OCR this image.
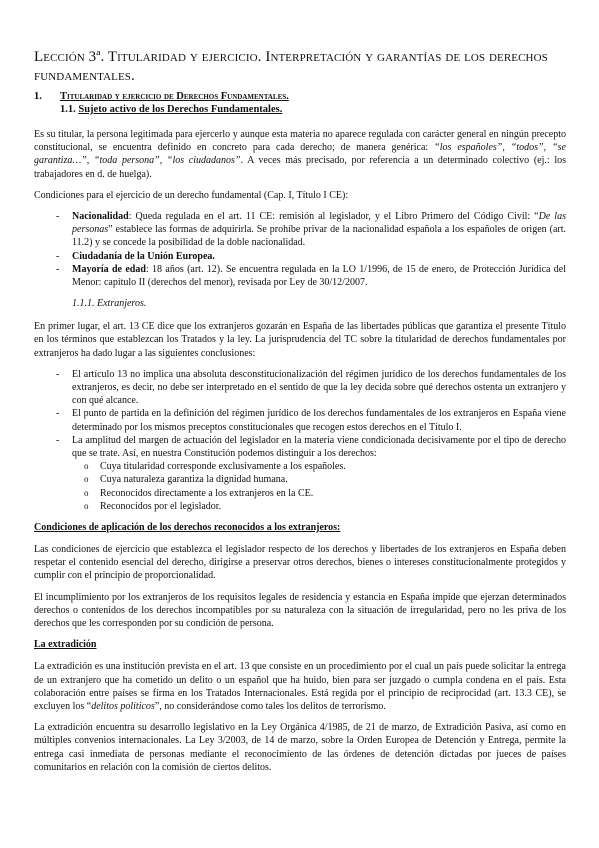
Lección 3ª. Titularidad y ejercicio. Interpretación y garantías de los derechos fundamentales.
1. Titularidad y ejercicio de Derechos Fundamentales.
1.1. Sujeto activo de los Derechos Fundamentales.

Es su titular, la persona legitimada para ejercerlo y aunque esta materia no aparece regulada con carácter general en ningún precepto constitucional, se encuentra definido en concreto para cada derecho; de manera genérica: “los españoles”, “todos”, “se garantiza…”, “toda persona”, “los ciudadanos”. A veces más precisado, por referencia a un determinado colectivo (ej.: los trabajadores en d. de huelga).

Condiciones para el ejercicio de un derecho fundamental (Cap. I, Título I CE):

- Nacionalidad: Queda regulada en el art. 11 CE: remisión al legislador, y el Libro Primero del Código Civil: “De las personas” establece las formas de adquirirla. Se prohíbe privar de la nacionalidad española a los españoles de origen (art. 11.2) y se concede la posibilidad de la doble nacionalidad.
- Ciudadanía de la Unión Europea.
- Mayoría de edad: 18 años (art. 12). Se encuentra regulada en la LO 1/1996, de 15 de enero, de Protección Jurídica del Menor: capítulo II (derechos del menor), revisada por Ley de 30/12/2007.
1.1.1. Extranjeros.

En primer lugar, el art. 13 CE dice que los extranjeros gozarán en España de las libertades públicas que garantiza el presente Título en los términos que establezcan los Tratados y la ley. La jurisprudencia del TC sobre la titularidad de derechos fundamentales por extranjeros ha dado lugar a las siguientes conclusiones:

- El artículo 13 no implica una absoluta desconstitucionalización del régimen jurídico de los derechos fundamentales de los extranjeros, es decir, no debe ser interpretado en el sentido de que la ley decida sobre qué derechos ostenta un extranjero y con qué alcance.
- El punto de partida en la definición del régimen jurídico de los derechos fundamentales de los extranjeros en España viene determinado por los mismos preceptos constitucionales que recogen estos derechos en el Título I.
- La amplitud del margen de actuación del legislador en la materia viene condicionada decisivamente por el tipo de derecho que se trate. Así, en nuestra Constitución podemos distinguir a los derechos:
o Cuya titularidad corresponde exclusivamente a los españoles.
o Cuya naturaleza garantiza la dignidad humana.
o Reconocidos directamente a los extranjeros en la CE.
o Reconocidos por el legislador.
Condiciones de aplicación de los derechos reconocidos a los extranjeros:

Las condiciones de ejercicio que establezca el legislador respecto de los derechos y libertades de los extranjeros en España deben respetar el contenido esencial del derecho, dirigirse a preservar otros derechos, bienes o intereses constitucionalmente protegidos y cumplir con el principio de proporcionalidad.

El incumplimiento por los extranjeros de los requisitos legales de residencia y estancia en España impide que ejerzan determinados derechos o contenidos de los derechos incompatibles por su naturaleza con la situación de irregularidad, pero no les priva de los derechos que les corresponden por su condición de persona.

La extradición

La extradición es una institución prevista en el art. 13 que consiste en un procedimiento por el cual un país puede solicitar la entrega de un extranjero que ha cometido un delito o un español que ha huido, bien para ser juzgado o cumpla condena en el país. Esta colaboración entre países se firma en los Tratados Internacionales. Está regida por el principio de reciprocidad (art. 13.3 CE), se excluyen los “delitos políticos”, no considerándose como tales los delitos de terrorismo.

La extradición encuentra su desarrollo legislativo en la Ley Orgánica 4/1985, de 21 de marzo, de Extradición Pasiva, así como en múltiples convenios internacionales. La Ley 3/2003, de 14 de marzo, sobre la Orden Europea de Detención y Entrega, permite la entrega casi inmediata de personas mediante el reconocimiento de las órdenes de detención dictadas por jueces de países comunitarios en relación con la comisión de ciertos delitos.
